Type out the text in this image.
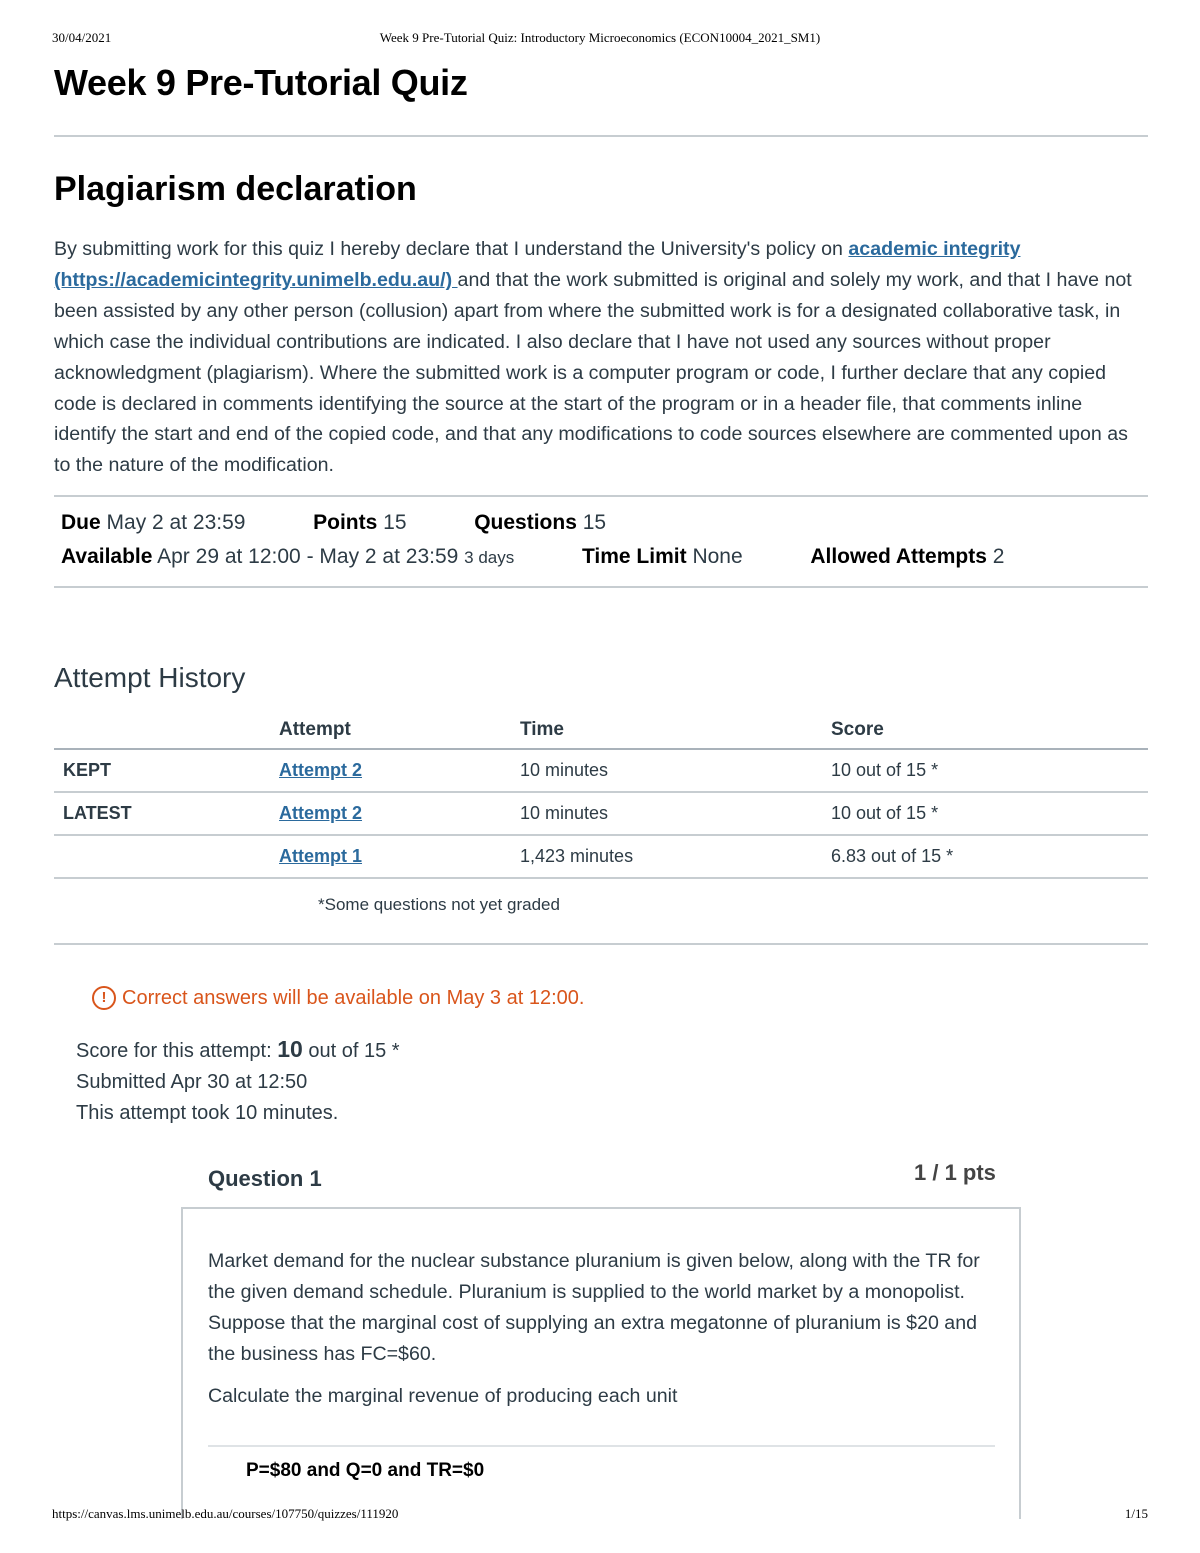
30/04/2021	Week 9 Pre-Tutorial Quiz: Introductory Microeconomics (ECON10004_2021_SM1)
Week 9 Pre-Tutorial Quiz
Plagiarism declaration

By submitting work for this quiz I hereby declare that I understand the University's policy on academic integrity (https://academicintegrity.unimelb.edu.au/) and that the work submitted is original and solely my work, and that I have not been assisted by any other person (collusion) apart from where the submitted work is for a designated collaborative task, in which case the individual contributions are indicated. I also declare that I have not used any sources without proper acknowledgment (plagiarism). Where the submitted work is a computer program or code, I further declare that any copied code is declared in comments identifying the source at the start of the program or in a header file, that comments inline identify the start and end of the copied code, and that any modifications to code sources elsewhere are commented upon as to the nature of the modification.

Due May 2 at 23:59	Points 15	Questions 15
Available Apr 29 at 12:00 - May 2 at 23:59 3 days	Time Limit None	Allowed Attempts 2
Attempt History
	Attempt	Time	Score
KEPT	Attempt 2	10 minutes	10 out of 15 *
LATEST	Attempt 2	10 minutes	10 out of 15 *
	Attempt 1	1,423 minutes	6.83 out of 15 *
*Some questions not yet graded
! Correct answers will be available on May 3 at 12:00.
Score for this attempt: 10 out of 15 *
Submitted Apr 30 at 12:50
This attempt took 10 minutes.
Question 1	1 / 1 pts

Market demand for the nuclear substance pluranium is given below, along with the TR for the given demand schedule. Pluranium is supplied to the world market by a monopolist. Suppose that the marginal cost of supplying an extra megatonne of pluranium is $20 and the business has FC=$60.

Calculate the marginal revenue of producing each unit
P=$80 and Q=0 and TR=$0
https://canvas.lms.unimelb.edu.au/courses/107750/quizzes/111920	1/15
